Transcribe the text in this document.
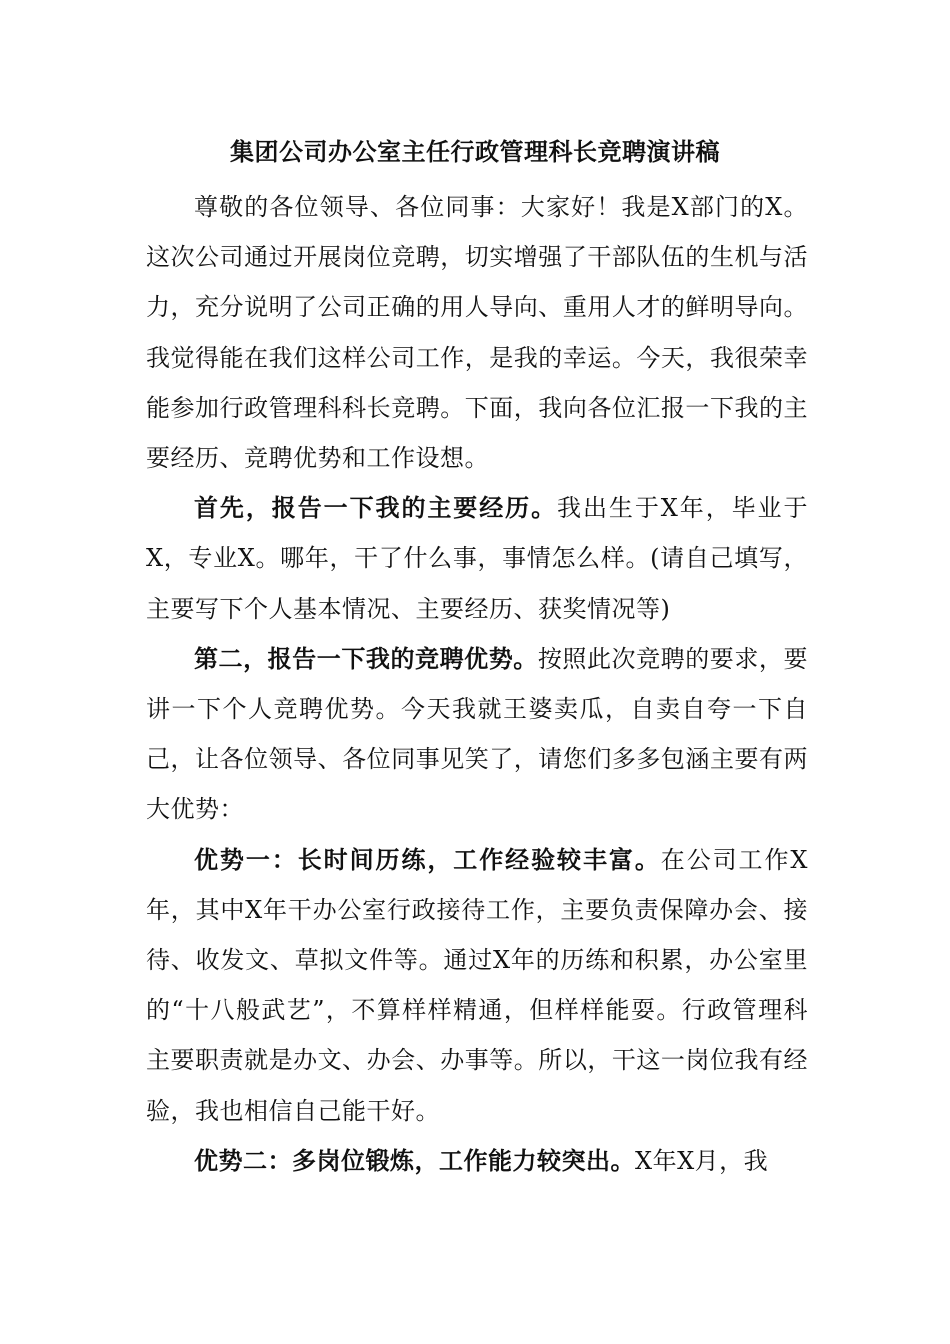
集团公司办公室主任行政管理科长竞聘演讲稿

尊敬的各位领导、各位同事：大家好！我是X部门的X。这次公司通过开展岗位竞聘，切实增强了干部队伍的生机与活力，充分说明了公司正确的用人导向、重用人才的鲜明导向。我觉得能在我们这样公司工作，是我的幸运。今天，我很荣幸能参加行政管理科科长竞聘。下面，我向各位汇报一下我的主要经历、竞聘优势和工作设想。

首先，报告一下我的主要经历。我出生于X年，毕业于X，专业X。哪年，干了什么事，事情怎么样。(请自己填写，主要写下个人基本情况、主要经历、获奖情况等)

第二，报告一下我的竞聘优势。按照此次竞聘的要求，要讲一下个人竞聘优势。今天我就王婆卖瓜，自卖自夸一下自己，让各位领导、各位同事见笑了，请您们多多包涵主要有两大优势：

优势一：长时间历练，工作经验较丰富。在公司工作X年，其中X年干办公室行政接待工作，主要负责保障办会、接待、收发文、草拟文件等。通过X年的历练和积累，办公室里的“十八般武艺”，不算样样精通，但样样能耍。行政管理科主要职责就是办文、办会、办事等。所以，干这一岗位我有经验，我也相信自己能干好。

优势二：多岗位锻炼，工作能力较突出。X年X月，我
